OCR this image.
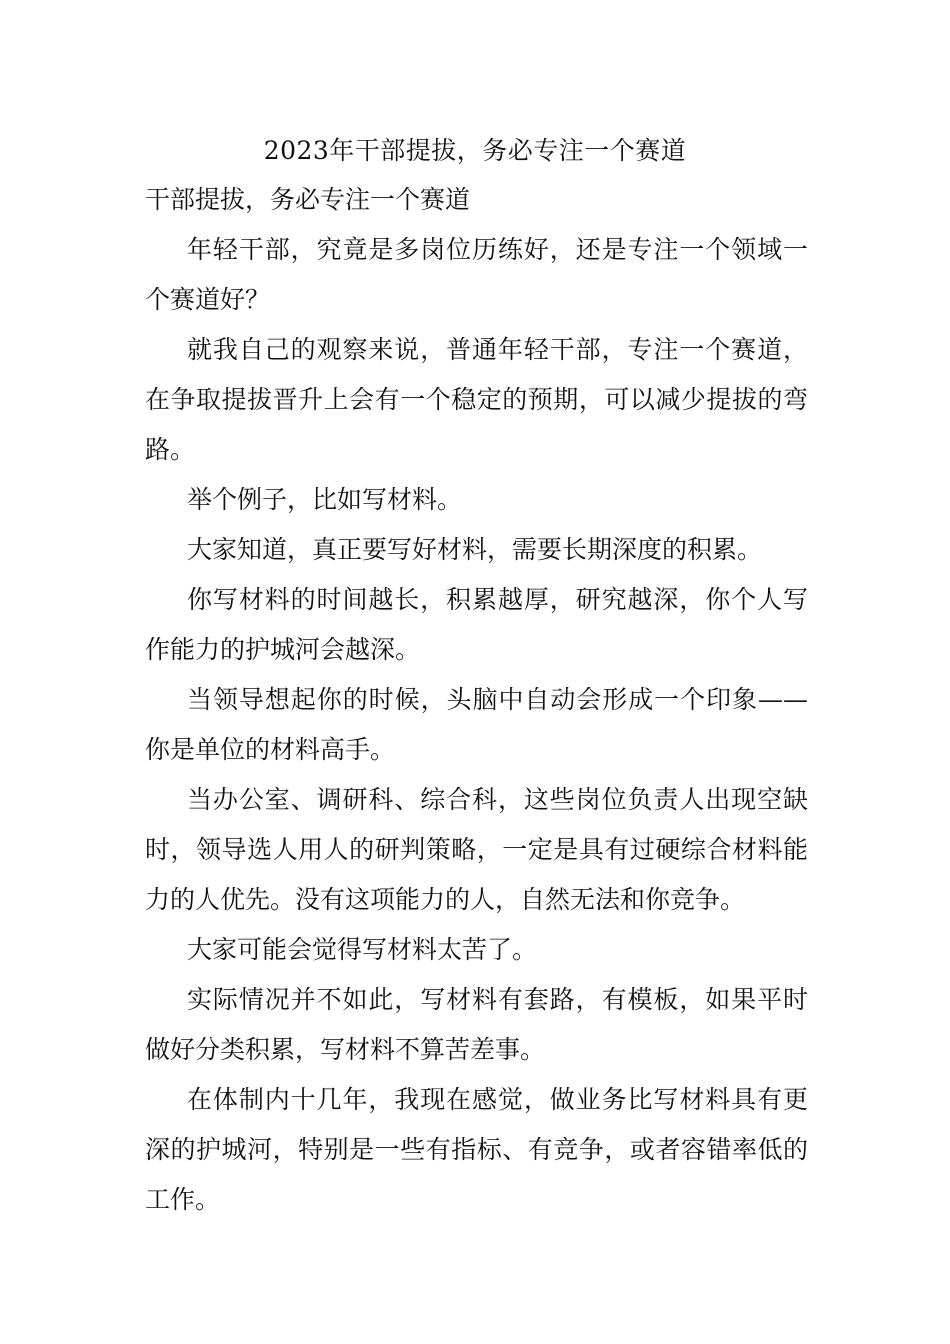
2023年干部提拔，务必专注一个赛道

干部提拔，务必专注一个赛道

年轻干部，究竟是多岗位历练好，还是专注一个领域一个赛道好？

就我自己的观察来说，普通年轻干部，专注一个赛道，在争取提拔晋升上会有一个稳定的预期，可以减少提拔的弯路。

举个例子，比如写材料。

大家知道，真正要写好材料，需要长期深度的积累。

你写材料的时间越长，积累越厚，研究越深，你个人写作能力的护城河会越深。

当领导想起你的时候，头脑中自动会形成一个印象——你是单位的材料高手。

当办公室、调研科、综合科，这些岗位负责人出现空缺时，领导选人用人的研判策略，一定是具有过硬综合材料能力的人优先。没有这项能力的人，自然无法和你竞争。

大家可能会觉得写材料太苦了。

实际情况并不如此，写材料有套路，有模板，如果平时做好分类积累，写材料不算苦差事。

在体制内十几年，我现在感觉，做业务比写材料具有更深的护城河，特别是一些有指标、有竞争，或者容错率低的工作。
